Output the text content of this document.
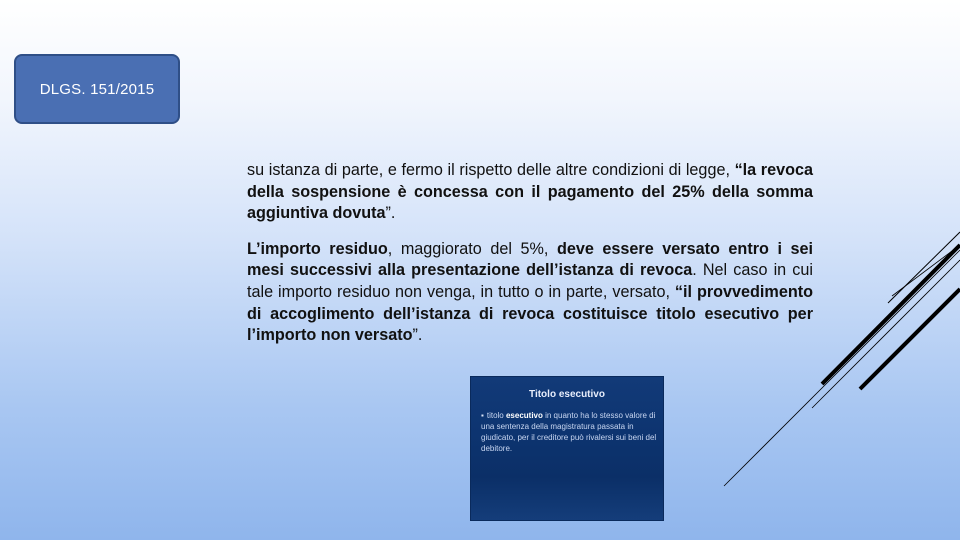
DLGS. 151/2015

su istanza di parte, e fermo il rispetto delle altre condizioni di legge, “la revoca della sospensione è concessa con il pagamento del 25% della somma aggiuntiva dovuta”.

L’importo residuo, maggiorato del 5%, deve essere versato entro i sei mesi successivi alla presentazione dell’istanza di revoca. Nel caso in cui tale importo residuo non venga, in tutto o in parte, versato, “il provvedimento di accoglimento dell’istanza di revoca costituisce titolo esecutivo per l’importo non versato”.

Titolo esecutivo
▪ titolo esecutivo in quanto ha lo stesso valore di una sentenza della magistratura passata in giudicato, per il creditore può rivalersi sui beni del debitore.
